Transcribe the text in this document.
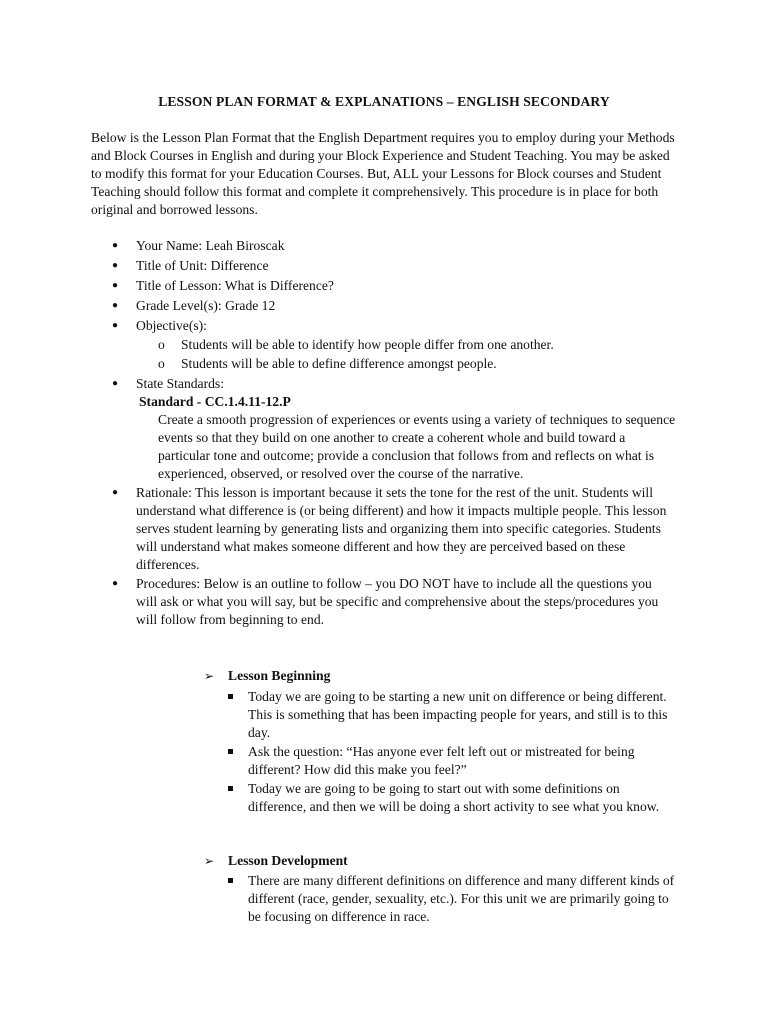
LESSON PLAN FORMAT & EXPLANATIONS – ENGLISH SECONDARY

Below is the Lesson Plan Format that the English Department requires you to employ during your Methods and Block Courses in English and during your Block Experience and Student Teaching. You may be asked to modify this format for your Education Courses. But, ALL your Lessons for Block courses and Student Teaching should follow this format and complete it comprehensively. This procedure is in place for both original and borrowed lessons.

● Your Name: Leah Biroscak
● Title of Unit: Difference
● Title of Lesson: What is Difference?
● Grade Level(s): Grade 12
● Objective(s):
o Students will be able to identify how people differ from one another.
o Students will be able to define difference amongst people.
● State Standards:
Standard - CC.1.4.11-12.P
Create a smooth progression of experiences or events using a variety of techniques to sequence events so that they build on one another to create a coherent whole and build toward a particular tone and outcome; provide a conclusion that follows from and reflects on what is experienced, observed, or resolved over the course of the narrative.
● Rationale: This lesson is important because it sets the tone for the rest of the unit. Students will understand what difference is (or being different) and how it impacts multiple people. This lesson serves student learning by generating lists and organizing them into specific categories. Students will understand what makes someone different and how they are perceived based on these differences.
● Procedures: Below is an outline to follow – you DO NOT have to include all the questions you will ask or what you will say, but be specific and comprehensive about the steps/procedures you will follow from beginning to end.
➢ Lesson Beginning
Today we are going to be starting a new unit on difference or being different. This is something that has been impacting people for years, and still is to this day.
Ask the question: “Has anyone ever felt left out or mistreated for being different? How did this make you feel?”
Today we are going to be going to start out with some definitions on difference, and then we will be doing a short activity to see what you know.
➢ Lesson Development
There are many different definitions on difference and many different kinds of different (race, gender, sexuality, etc.). For this unit we are primarily going to be focusing on difference in race.
